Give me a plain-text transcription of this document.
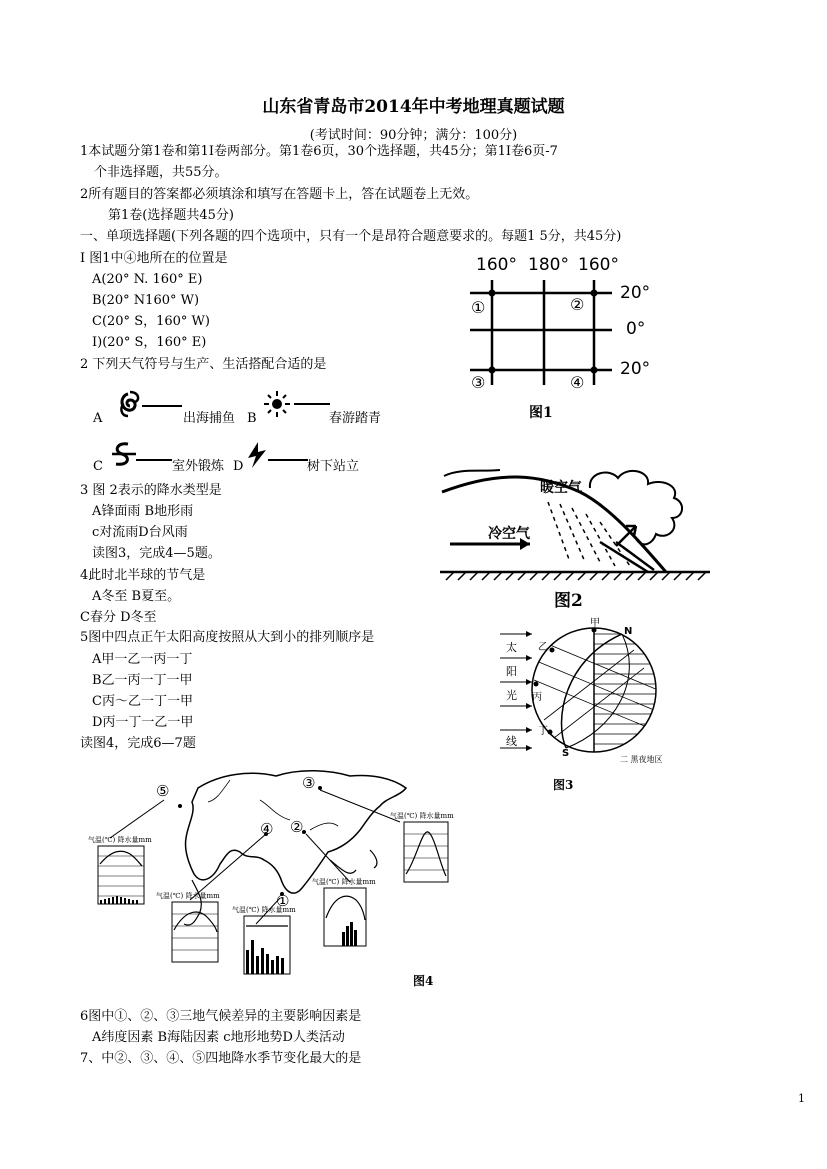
山东省青岛市2014年中考地理真题试题
(考试时间：90分钟；满分：100分)
1本试题分第1卷和第1I卷两部分。第1卷6页，30个选择题，共45分；第1I卷6页-7
个非选择题，共55分。
2所有题目的答案都必须填涂和填写在答题卡上，答在试题卷上无效。
第1卷(选择题共45分)
一、单项选择题(下列各题的四个选项中，只有一个是昂符合题意要求的。每题1 5分，共45分)
I 图1中④地所在的位置是
A(20° N. 160° E)
B(20° N160° W)
C(20° S，160° W)
I)(20° S，160° E)
2 下列天气符号与生产、生活搭配合适的是
A	出海捕鱼 B	春游踏青
C	室外锻炼 D	树下站立
3 图 2表示的降水类型是
A锋面雨 B地形雨
c对流雨D台风雨
读图3，完成4—5题。
4此时北半球的节气是
A冬至 B夏至。
C春分 D冬至
5图中四点正午太阳高度按照从大到小的排列顺序是
A甲一乙一丙一丁
B乙一丙一丁一甲
C丙～乙一丁一甲
D丙一丁一乙一甲
读图4，完成6—7题
6图中①、②、③三地气候差异的主要影响因素是
A纬度因素 B海陆因素 c地形地势D人类活动
7、中②、③、④、⑤四地降水季节变化最大的是
1
160° 180° 160°
20°
0°
20°
①	②
③	④
图1
暖空气
冷空气
图2
太
阳
光
线
甲
乙
丙
丁
N
S
二 黑夜地区
图3
①
②
③
④
⑤
气温(℃) 降水量mm
气温(℃) 降水量mm
气温(℃) 降水量mm
气温(℃) 降水量mm
气温(℃) 降水量mm
图4
